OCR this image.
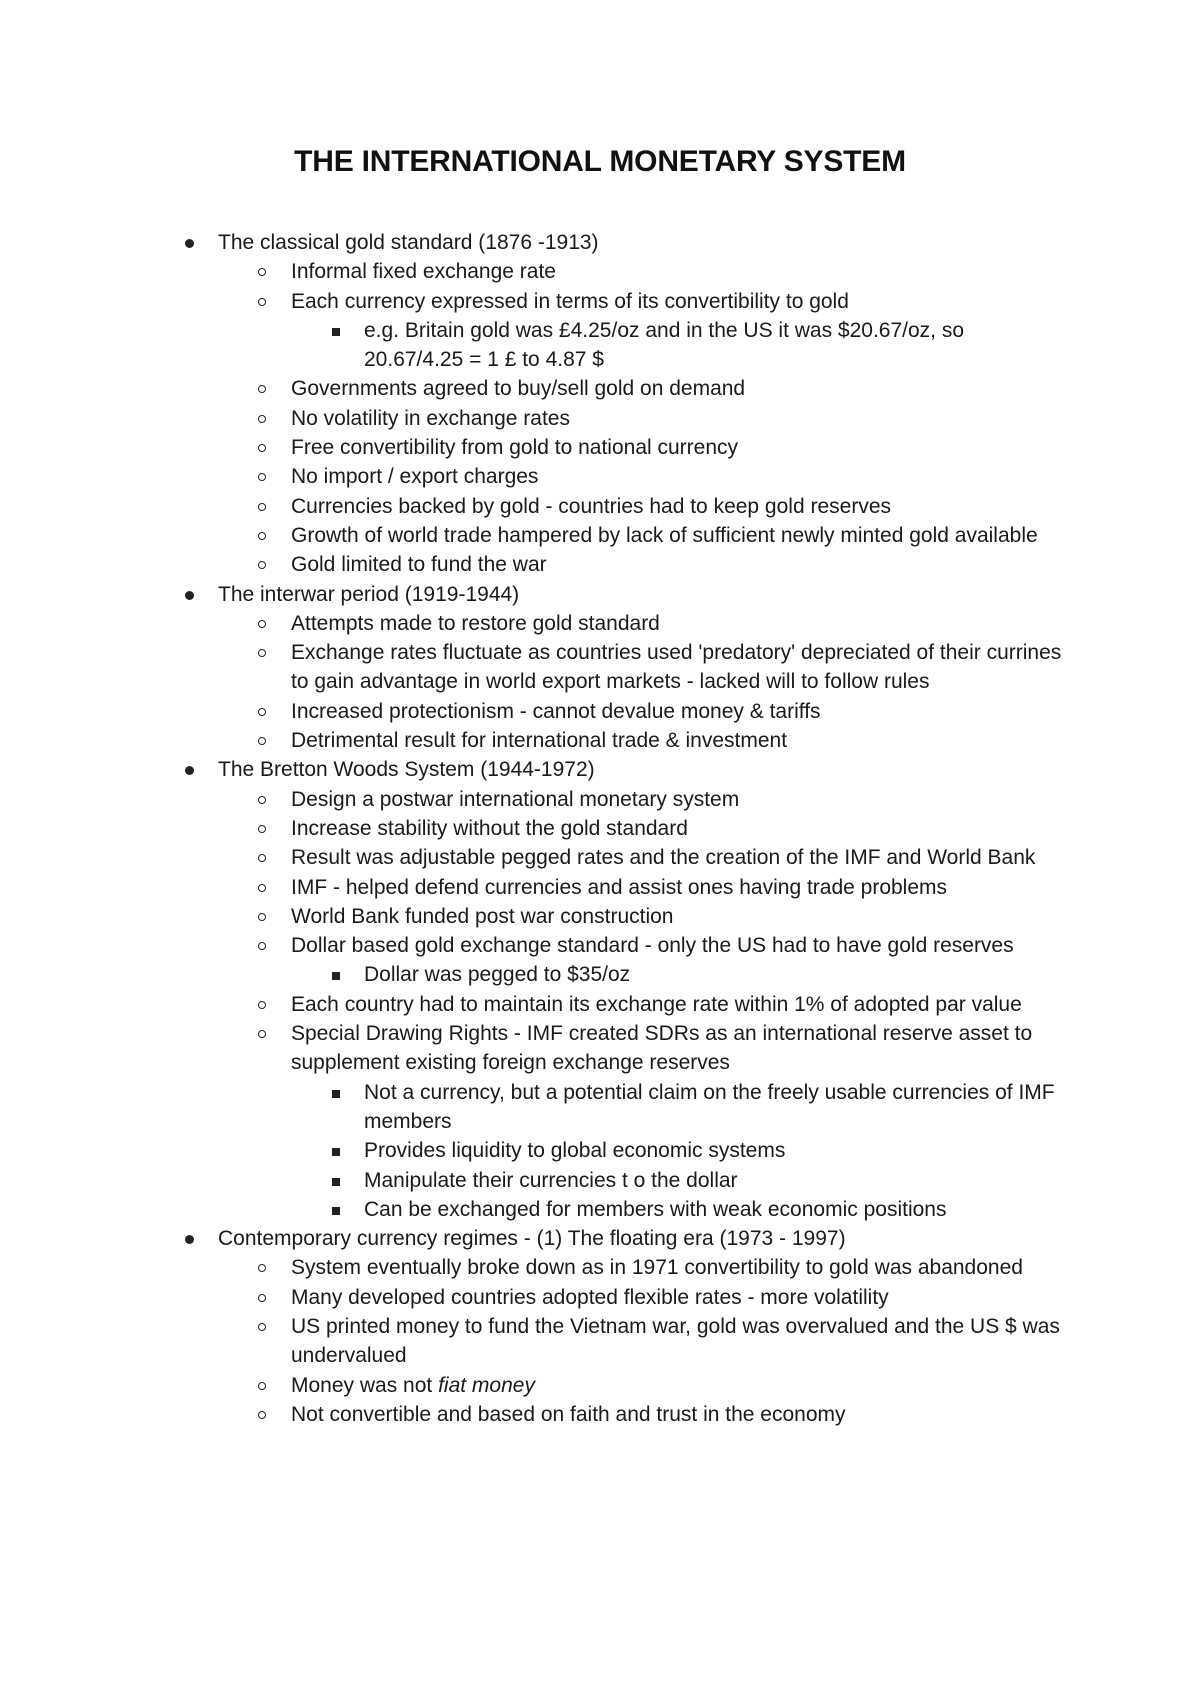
THE INTERNATIONAL MONETARY SYSTEM
The classical gold standard (1876 -1913)
Informal fixed exchange rate
Each currency expressed in terms of its convertibility to gold
e.g. Britain gold was £4.25/oz and in the US it was $20.67/oz, so 20.67/4.25 = 1 £ to 4.87 $
Governments agreed to buy/sell gold on demand
No volatility in exchange rates
Free convertibility from gold to national currency
No import / export charges
Currencies backed by gold - countries had to keep gold reserves
Growth of world trade hampered by lack of sufficient newly minted gold available
Gold limited to fund the war
The interwar period (1919-1944)
Attempts made to restore gold standard
Exchange rates fluctuate as countries used 'predatory' depreciated of their currines to gain advantage in world export markets - lacked will to follow rules
Increased protectionism - cannot devalue money & tariffs
Detrimental result for international trade & investment
The Bretton Woods System (1944-1972)
Design a postwar international monetary system
Increase stability without the gold standard
Result was adjustable pegged rates and the creation of the IMF and World Bank
IMF - helped defend currencies and assist ones having trade problems
World Bank funded post war construction
Dollar based gold exchange standard - only the US had to have gold reserves
Dollar was pegged to $35/oz
Each country had to maintain its exchange rate within 1% of adopted par value
Special Drawing Rights - IMF created SDRs as an international reserve asset to supplement existing foreign exchange reserves
Not a currency, but a potential claim on the freely usable currencies of IMF members
Provides liquidity to global economic systems
Manipulate their currencies t o the dollar
Can be exchanged for members with weak economic positions
Contemporary currency regimes - (1) The floating era (1973 - 1997)
System eventually broke down as in 1971 convertibility to gold was abandoned
Many developed countries adopted flexible rates - more volatility
US printed money to fund the Vietnam war, gold was overvalued and the US $ was undervalued
Money was not fiat money
Not convertible and based on faith and trust in the economy
